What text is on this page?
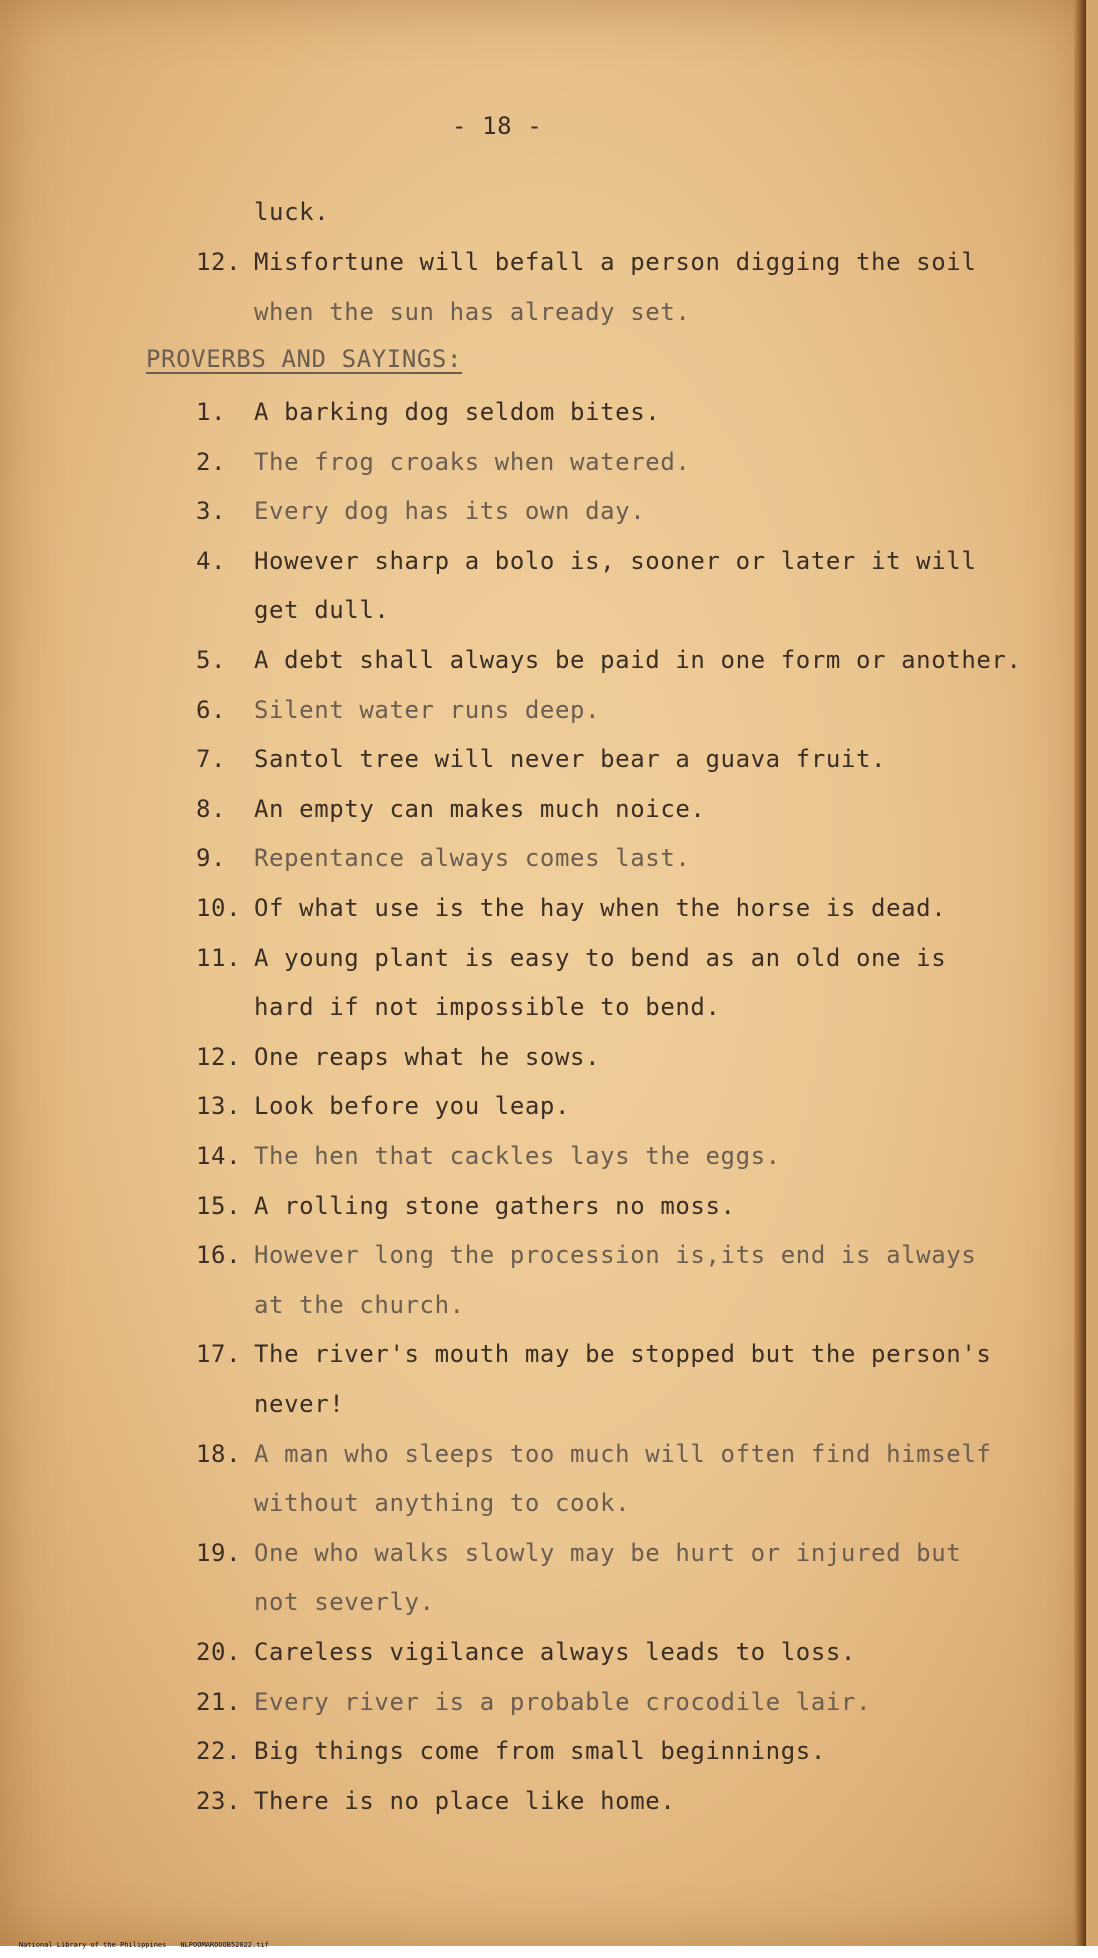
- 18 -
luck.
12. Misfortune will befall a person digging the soil
when the sun has already set.
PROVERBS AND SAYINGS:
1. A barking dog seldom bites.
2. The frog croaks when watered.
3. Every dog has its own day.
4. However sharp a bolo is, sooner or later it will
get dull.
5. A debt shall always be paid in one form or another.
6. Silent water runs deep.
7. Santol tree will never bear a guava fruit.
8. An empty can makes much noice.
9. Repentance always comes last.
10. Of what use is the hay when the horse is dead.
11. A young plant is easy to bend as an old one is
hard if not impossible to bend.
12. One reaps what he sows.
13. Look before you leap.
14. The hen that cackles lays the eggs.
15. A rolling stone gathers no moss.
16. However long the procession is,its end is always
at the church.
17. The river's mouth may be stopped but the person's
never!
18. A man who sleeps too much will often find himself
without anything to cook.
19. One who walks slowly may be hurt or injured but
not severly.
20. Careless vigilance always leads to loss.
21. Every river is a probable crocodile lair.
22. Big things come from small beginnings.
23. There is no place like home.

National Library of the Philippines NLPOOMAROOOB52022.tif
